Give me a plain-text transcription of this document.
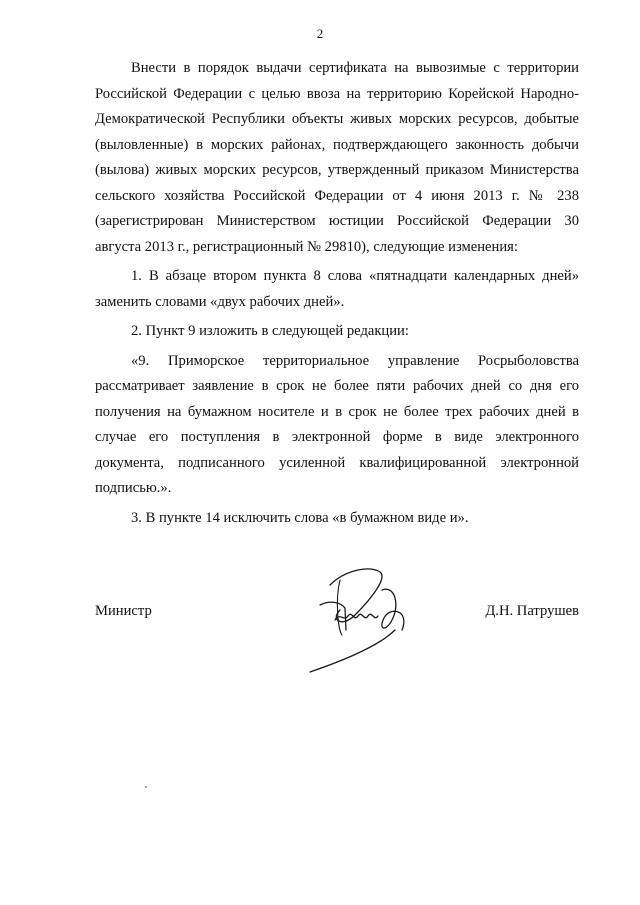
2

Внести в порядок выдачи сертификата на вывозимые с территории Российской Федерации с целью ввоза на территорию Корейской Народно-Демократической Республики объекты живых морских ресурсов, добытые (выловленные) в морских районах, подтверждающего законность добычи (вылова) живых морских ресурсов, утвержденный приказом Министерства сельского хозяйства Российской Федерации от 4 июня 2013 г. № 238 (зарегистрирован Министерством юстиции Российской Федерации 30 августа 2013 г., регистрационный № 29810), следующие изменения:

1. В абзаце втором пункта 8 слова «пятнадцати календарных дней» заменить словами «двух рабочих дней».

2. Пункт 9 изложить в следующей редакции:

«9. Приморское территориальное управление Росрыболовства рассматривает заявление в срок не более пяти рабочих дней со дня его получения на бумажном носителе и в срок не более трех рабочих дней в случае его поступления в электронной форме в виде электронного документа, подписанного усиленной квалифицированной электронной подписью.».

3. В пункте 14 исключить слова «в бумажном виде и».

Министр	Д.Н. Патрушев
